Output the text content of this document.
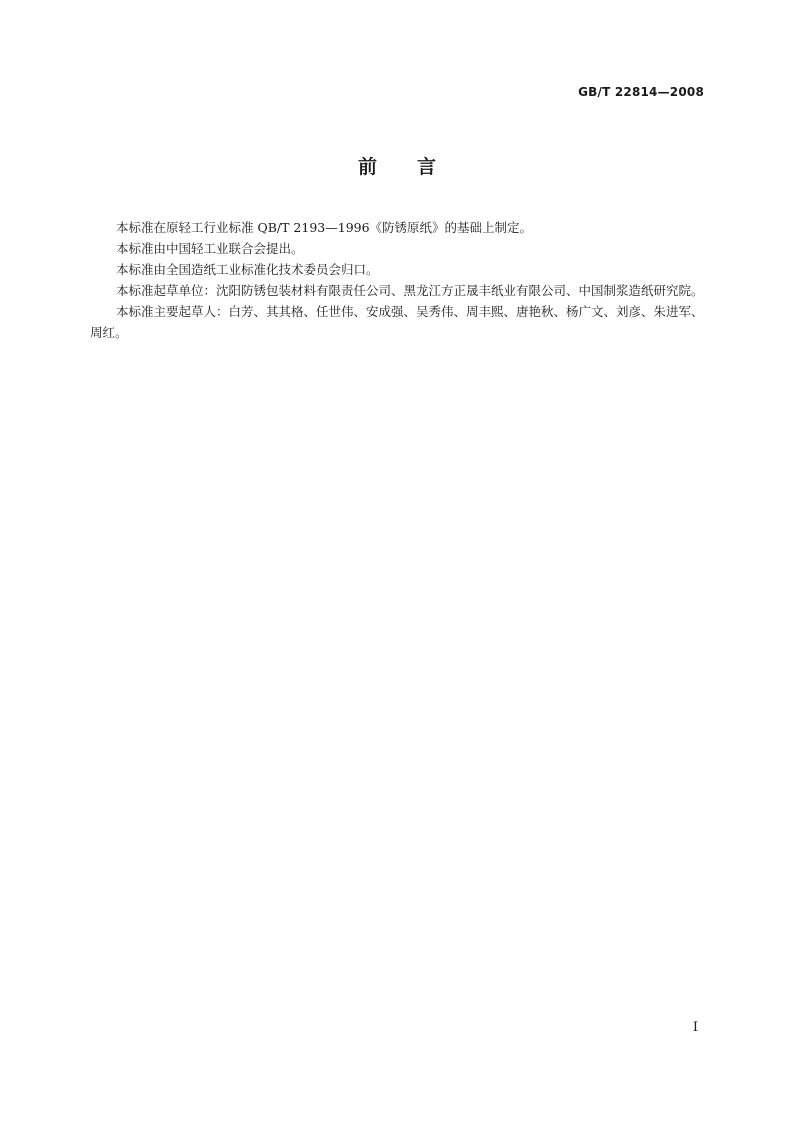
GB/T 22814—2008
前 言

本标准在原轻工行业标准 QB/T 2193—1996《防锈原纸》的基础上制定。

本标准由中国轻工业联合会提出。

本标准由全国造纸工业标准化技术委员会归口。

本标准起草单位：沈阳防锈包装材料有限责任公司、黑龙江方正晟丰纸业有限公司、中国制浆造纸研究院。

本标准主要起草人：白芳、其其格、任世伟、安成强、吴秀伟、周丰熙、唐艳秋、杨广文、刘彦、朱进军、周红。

I
